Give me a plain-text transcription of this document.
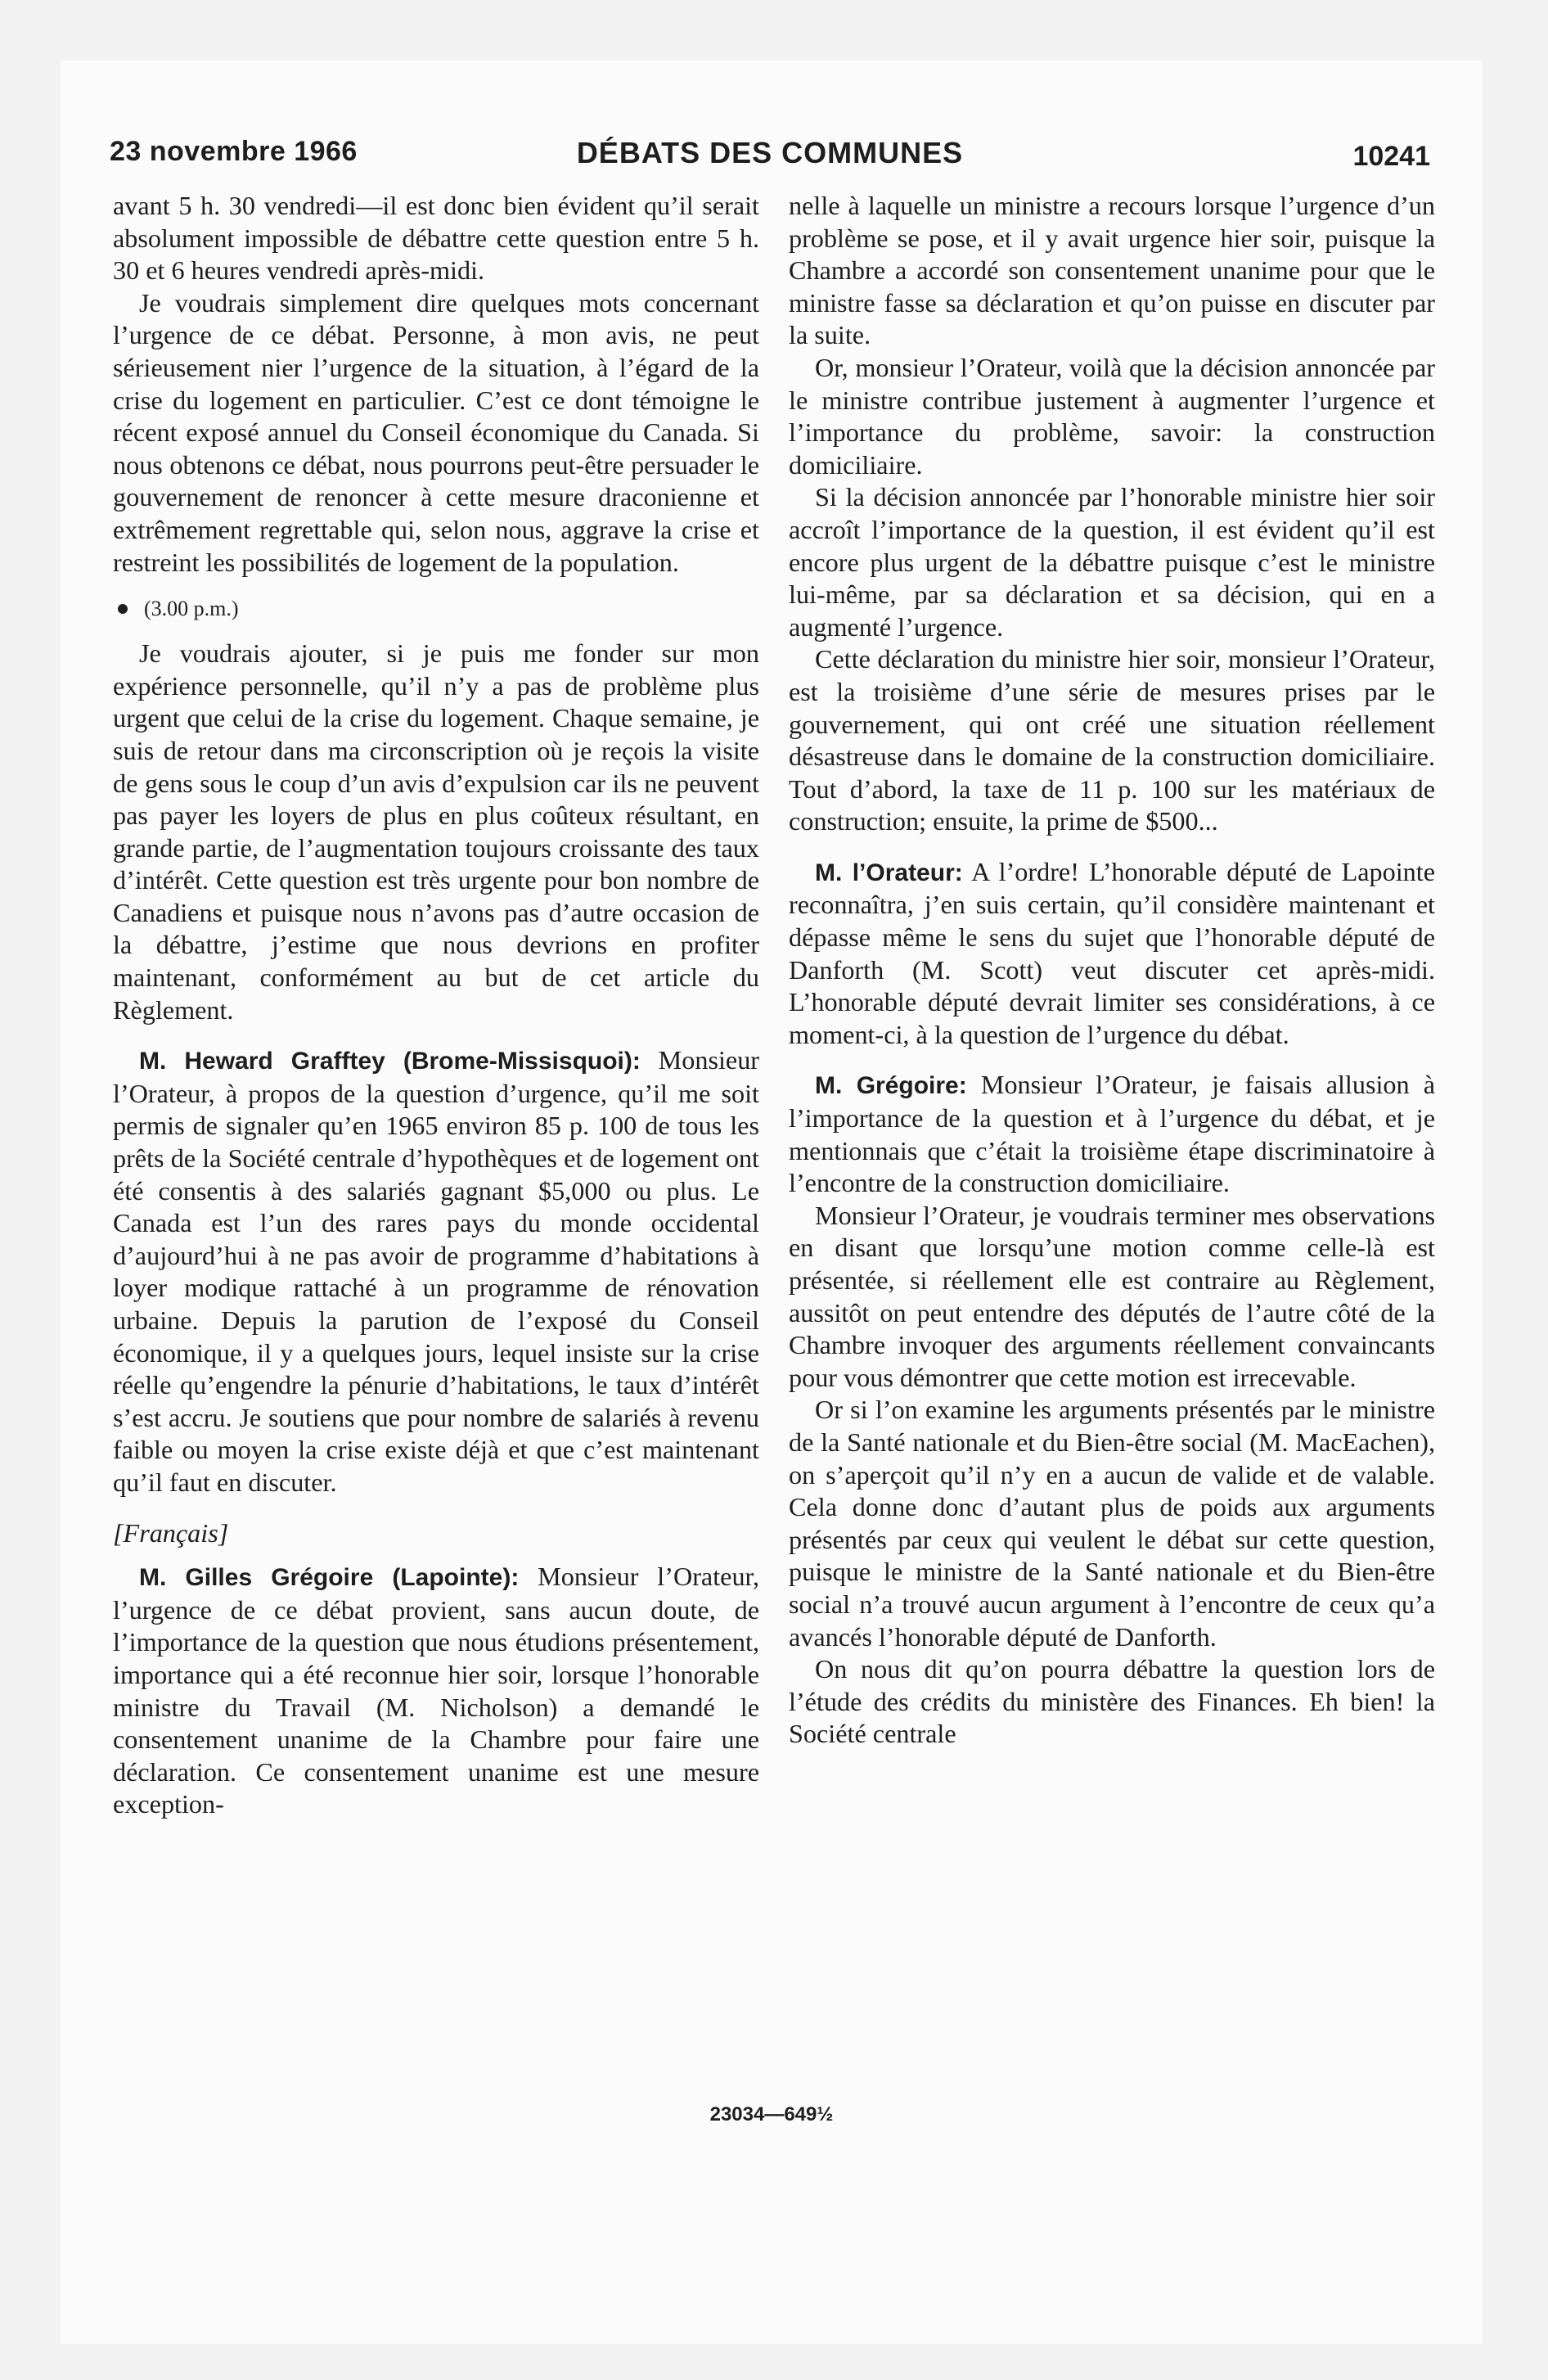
23 novembre 1966	DÉBATS DES COMMUNES	10241

avant 5 h. 30 vendredi—il est donc bien évident qu’il serait absolument impossible de débattre cette question entre 5 h. 30 et 6 heures vendredi après-midi.

Je voudrais simplement dire quelques mots concernant l’urgence de ce débat. Personne, à mon avis, ne peut sérieusement nier l’urgence de la situation, à l’égard de la crise du logement en particulier. C’est ce dont témoigne le récent exposé annuel du Conseil économique du Canada. Si nous obtenons ce débat, nous pourrons peut-être persuader le gouvernement de renoncer à cette mesure draconienne et extrêmement regrettable qui, selon nous, aggrave la crise et restreint les possibilités de logement de la population.

(3.00 p.m.)

Je voudrais ajouter, si je puis me fonder sur mon expérience personnelle, qu’il n’y a pas de problème plus urgent que celui de la crise du logement. Chaque semaine, je suis de retour dans ma circonscription où je reçois la visite de gens sous le coup d’un avis d’expulsion car ils ne peuvent pas payer les loyers de plus en plus coûteux résultant, en grande partie, de l’augmentation toujours croissante des taux d’intérêt. Cette question est très urgente pour bon nombre de Canadiens et puisque nous n’avons pas d’autre occasion de la débattre, j’estime que nous devrions en profiter maintenant, conformément au but de cet article du Règlement.

M. Heward Grafftey (Brome-Missisquoi): Monsieur l’Orateur, à propos de la question d’urgence, qu’il me soit permis de signaler qu’en 1965 environ 85 p. 100 de tous les prêts de la Société centrale d’hypothèques et de logement ont été consentis à des salariés gagnant $5,000 ou plus. Le Canada est l’un des rares pays du monde occidental d’aujourd’hui à ne pas avoir de programme d’habitations à loyer modique rattaché à un programme de rénovation urbaine. Depuis la parution de l’exposé du Conseil économique, il y a quelques jours, lequel insiste sur la crise réelle qu’engendre la pénurie d’habitations, le taux d’intérêt s’est accru. Je soutiens que pour nombre de salariés à revenu faible ou moyen la crise existe déjà et que c’est maintenant qu’il faut en discuter.

[Français]

M. Gilles Grégoire (Lapointe): Monsieur l’Orateur, l’urgence de ce débat provient, sans aucun doute, de l’importance de la question que nous étudions présentement, importance qui a été reconnue hier soir, lorsque l’honorable ministre du Travail (M. Nicholson) a demandé le consentement unanime de la Chambre pour faire une déclaration. Ce consentement unanime est une mesure exception-

nelle à laquelle un ministre a recours lorsque l’urgence d’un problème se pose, et il y avait urgence hier soir, puisque la Chambre a accordé son consentement unanime pour que le ministre fasse sa déclaration et qu’on puisse en discuter par la suite.

Or, monsieur l’Orateur, voilà que la décision annoncée par le ministre contribue justement à augmenter l’urgence et l’importance du problème, savoir: la construction domiciliaire.

Si la décision annoncée par l’honorable ministre hier soir accroît l’importance de la question, il est évident qu’il est encore plus urgent de la débattre puisque c’est le ministre lui-même, par sa déclaration et sa décision, qui en a augmenté l’urgence.

Cette déclaration du ministre hier soir, monsieur l’Orateur, est la troisième d’une série de mesures prises par le gouvernement, qui ont créé une situation réellement désastreuse dans le domaine de la construction domiciliaire. Tout d’abord, la taxe de 11 p. 100 sur les matériaux de construction; ensuite, la prime de $500...

M. l’Orateur: A l’ordre! L’honorable député de Lapointe reconnaîtra, j’en suis certain, qu’il considère maintenant et dépasse même le sens du sujet que l’honorable député de Danforth (M. Scott) veut discuter cet après-midi. L’honorable député devrait limiter ses considérations, à ce moment-ci, à la question de l’urgence du débat.

M. Grégoire: Monsieur l’Orateur, je faisais allusion à l’importance de la question et à l’urgence du débat, et je mentionnais que c’était la troisième étape discriminatoire à l’encontre de la construction domiciliaire.

Monsieur l’Orateur, je voudrais terminer mes observations en disant que lorsqu’une motion comme celle-là est présentée, si réellement elle est contraire au Règlement, aussitôt on peut entendre des députés de l’autre côté de la Chambre invoquer des arguments réellement convaincants pour vous démontrer que cette motion est irrecevable.

Or si l’on examine les arguments présentés par le ministre de la Santé nationale et du Bien-être social (M. MacEachen), on s’aperçoit qu’il n’y en a aucun de valide et de valable. Cela donne donc d’autant plus de poids aux arguments présentés par ceux qui veulent le débat sur cette question, puisque le ministre de la Santé nationale et du Bien-être social n’a trouvé aucun argument à l’encontre de ceux qu’a avancés l’honorable député de Danforth.

On nous dit qu’on pourra débattre la question lors de l’étude des crédits du ministère des Finances. Eh bien! la Société centrale

23034—649½
